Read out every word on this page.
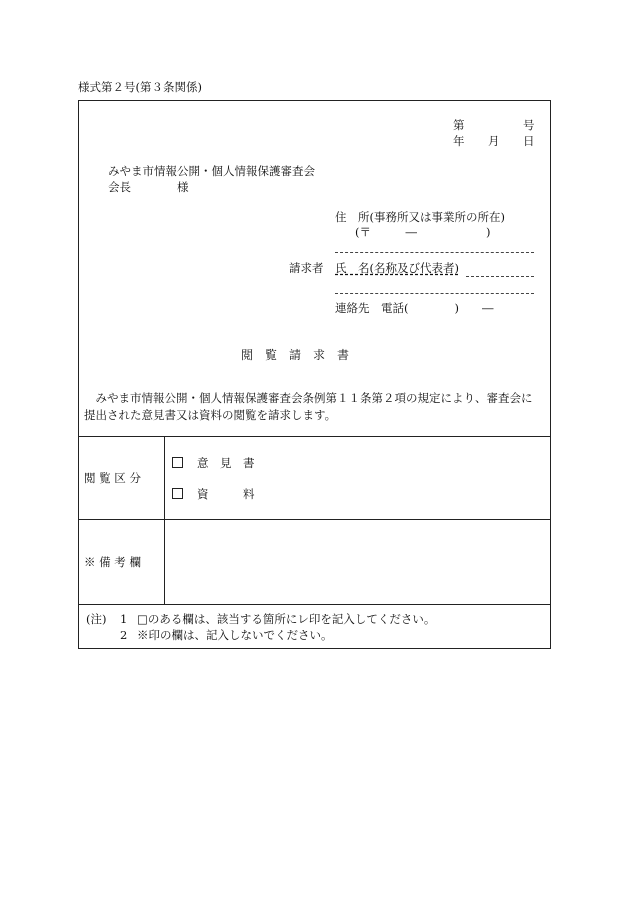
様式第２号(第３条関係)
第	号
年 月 日
みやま市情報公開・個人情報保護審査会
会長	様
住　所(事務所又は事業所の所在)
(〒　　　―　　　　　　)
請求者 氏　名(名称及び代表者)
連絡先　電話(　　　　)　　―
閲　覧　請　求　書
　みやま市情報公開・個人情報保護審査会条例第１１条第２項の規定により、審査会に
提出された意見書又は資料の閲覧を請求します。
閲 覧 区 分
意　見　書
資　　　料
※ 備 考 欄
(注) 1 □のある欄は、該当する箇所にレ印を記入してください。
2 ※印の欄は、記入しないでください。
